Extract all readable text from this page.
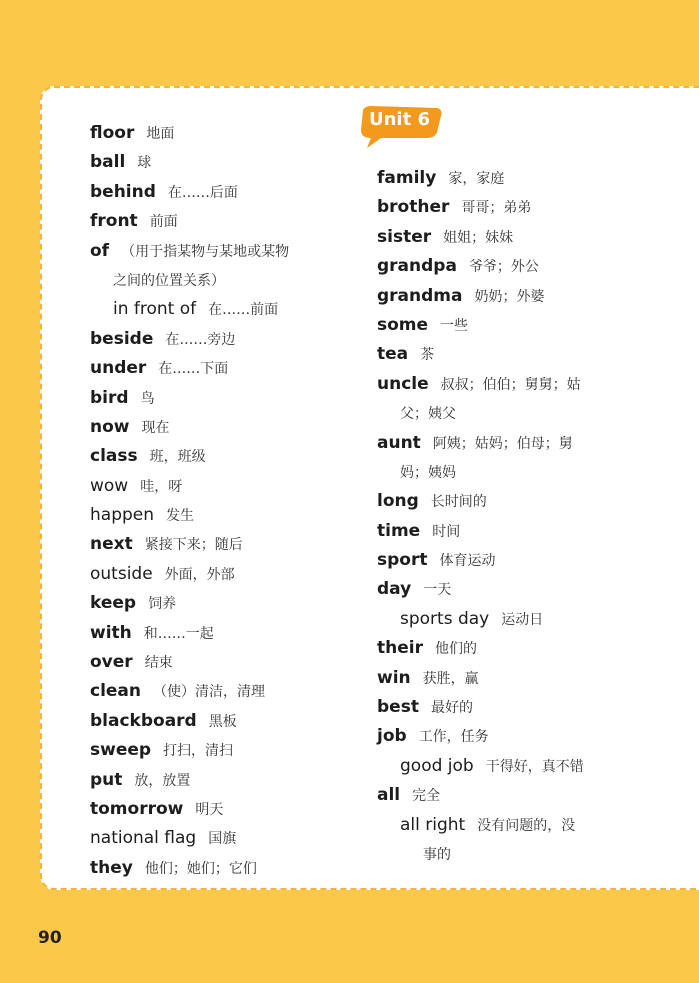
Unit 6
floor 地面
ball 球
behind 在……后面
front 前面
of （用于指某物与某地或某物
之间的位置关系）
in front of 在……前面
beside 在……旁边
under 在……下面
bird 鸟
now 现在
class 班，班级
wow 哇，呀
happen 发生
next 紧接下来；随后
outside 外面，外部
keep 饲养
with 和……一起
over 结束
clean （使）清洁，清理
blackboard 黑板
sweep 打扫，清扫
put 放，放置
tomorrow 明天
national flag 国旗
they 他们；她们；它们
family 家，家庭
brother 哥哥；弟弟
sister 姐姐；妹妹
grandpa 爷爷；外公
grandma 奶奶；外婆
some 一些
tea 茶
uncle 叔叔；伯伯；舅舅；姑
父；姨父
aunt 阿姨；姑妈；伯母；舅
妈；姨妈
long 长时间的
time 时间
sport 体育运动
day 一天
sports day 运动日
their 他们的
win 获胜，赢
best 最好的
job 工作，任务
good job 干得好，真不错
all 完全
all right 没有问题的，没
事的
90
